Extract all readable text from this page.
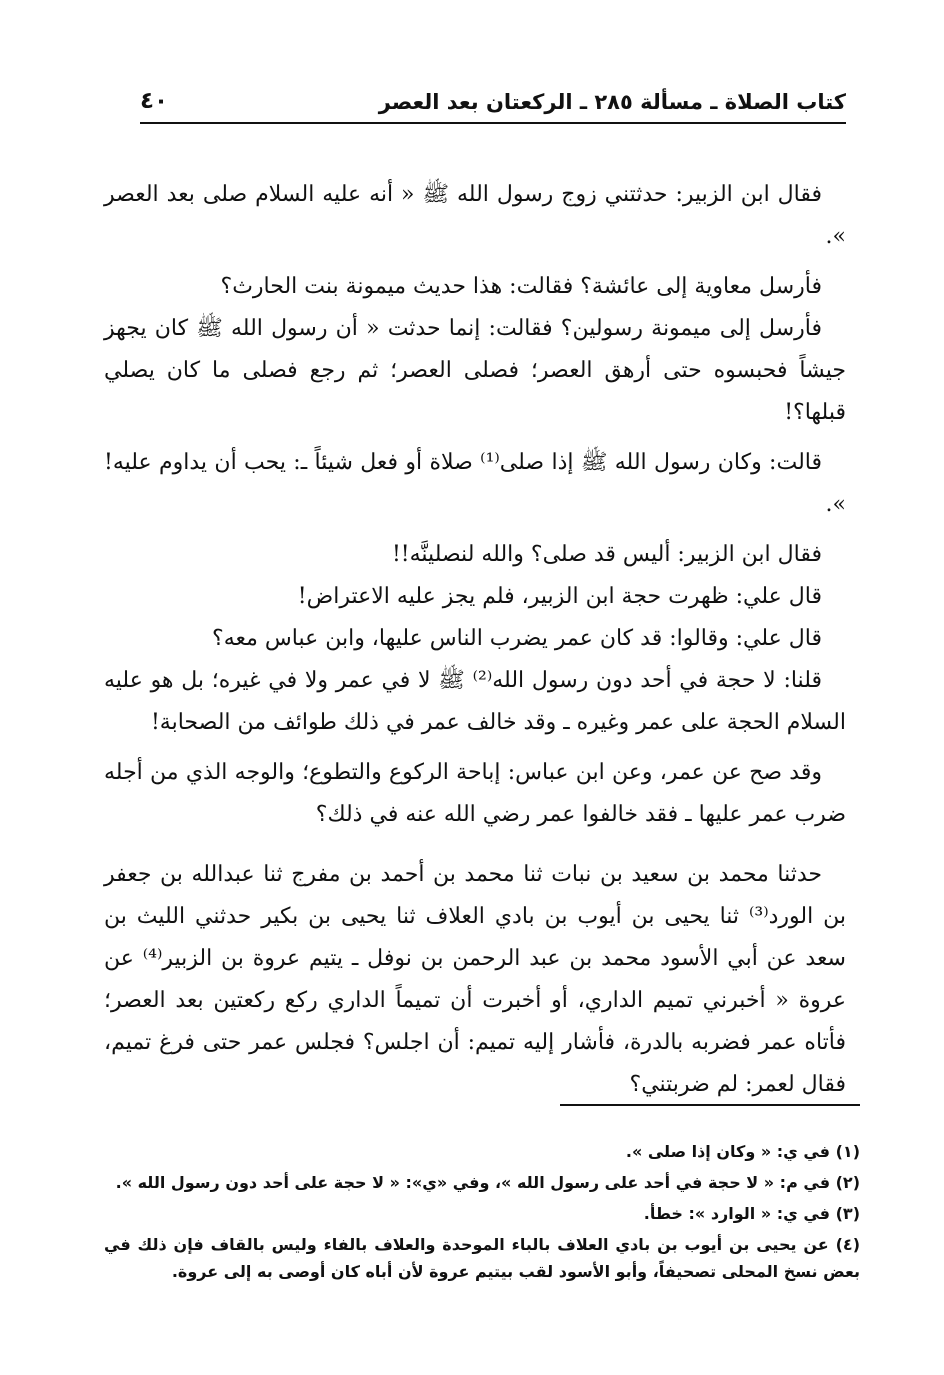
كتاب الصلاة ـ مسألة ٢٨٥ ـ الركعتان بعد العصر
٤٠

فقال ابن الزبير: حدثتني زوج رسول الله ﷺ « أنه عليه السلام صلى بعد العصر ».

فأرسل معاوية إلى عائشة؟ فقالت: هذا حديث ميمونة بنت الحارث؟

فأرسل إلى ميمونة رسولين؟ فقالت: إنما حدثت « أن رسول الله ﷺ كان يجهز جيشاً فحبسوه حتى أرهق العصر؛ فصلى العصر؛ ثم رجع فصلى ما كان يصلي قبلها؟!

قالت: وكان رسول الله ﷺ إذا صلى⁽¹⁾ صلاة أو فعل شيئاً ـ: يحب أن يداوم عليه! ».

فقال ابن الزبير: أليس قد صلى؟ والله لنصلينَّه!!

قال علي: ظهرت حجة ابن الزبير، فلم يجز عليه الاعتراض!

قال علي: وقالوا: قد كان عمر يضرب الناس عليها، وابن عباس معه؟

قلنا: لا حجة في أحد دون رسول الله⁽²⁾ ﷺ لا في عمر ولا في غيره؛ بل هو عليه السلام الحجة على عمر وغيره ـ وقد خالف عمر في ذلك طوائف من الصحابة!

وقد صح عن عمر، وعن ابن عباس: إباحة الركوع والتطوع؛ والوجه الذي من أجله ضرب عمر عليها ـ فقد خالفوا عمر رضي الله عنه في ذلك؟

حدثنا محمد بن سعيد بن نبات ثنا محمد بن أحمد بن مفرج ثنا عبدالله بن جعفر بن الورد⁽³⁾ ثنا يحيى بن أيوب بن بادي العلاف ثنا يحيى بن بكير حدثني الليث بن سعد عن أبي الأسود محمد بن عبد الرحمن بن نوفل ـ يتيم عروة بن الزبير⁽⁴⁾ عن عروة « أخبرني تميم الداري، أو أخبرت أن تميماً الداري ركع ركعتين بعد العصر؛ فأتاه عمر فضربه بالدرة، فأشار إليه تميم: أن اجلس؟ فجلس عمر حتى فرغ تميم، فقال لعمر: لم ضربتني؟

(١) في ي: « وكان إذا صلى ».

(٢) في م: « لا حجة في أحد على رسول الله »، وفي «ي»: « لا حجة على أحد دون رسول الله ».

(٣) في ي: « الوارد »: خطأ.

(٤) عن يحيى بن أيوب بن بادي العلاف بالباء الموحدة والعلاف بالفاء وليس بالقاف فإن ذلك في بعض نسخ المحلى تصحيفاً، وأبو الأسود لقب بيتيم عروة لأن أباه كان أوصى به إلى عروة.
